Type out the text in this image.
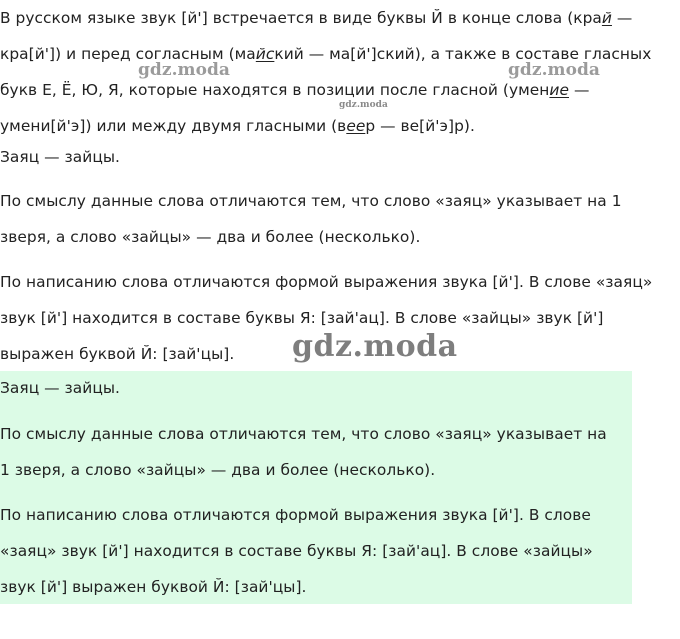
В русском языке звук [й'] встречается в виде буквы Й в конце слова (край —
кра[й']) и перед согласным (майский — ма[й']ский), а также в составе гласных
букв Е, Ё, Ю, Я, которые находятся в позиции после гласной (умение —
умени[й'э]) или между двумя гласными (веер — ве[й'э]р).
Заяц — зайцы.
По смыслу данные слова отличаются тем, что слово «заяц» указывает на 1
зверя, а слово «зайцы» — два и более (несколько).
По написанию слова отличаются формой выражения звука [й']. В слове «заяц»
звук [й'] находится в составе буквы Я: [зай'ац]. В слове «зайцы» звук [й']
выражен буквой Й: [зай'цы].
Заяц — зайцы.
По смыслу данные слова отличаются тем, что слово «заяц» указывает на
1 зверя, а слово «зайцы» — два и более (несколько).
По написанию слова отличаются формой выражения звука [й']. В слове
«заяц» звук [й'] находится в составе буквы Я: [зай'ац]. В слове «зайцы»
звук [й'] выражен буквой Й: [зай'цы].
gdz.moda	gdz.moda
gdz.moda
gdz.moda
